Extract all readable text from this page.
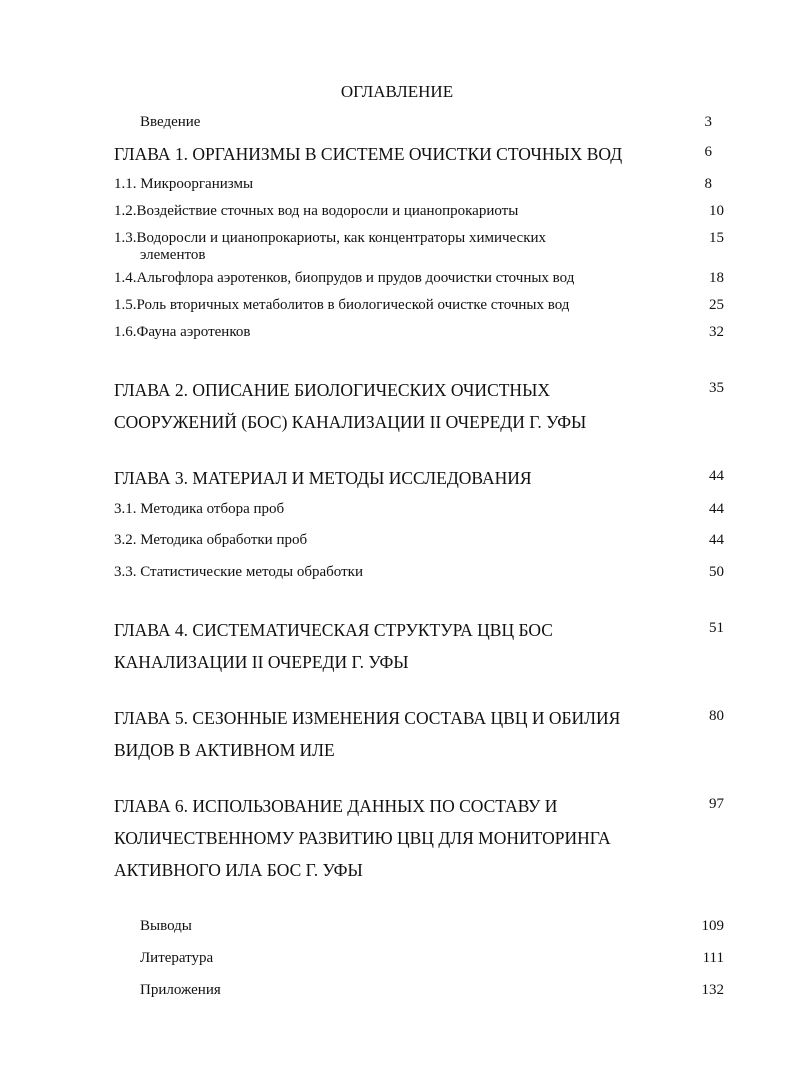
ОГЛАВЛЕНИЕ
Введение	3
ГЛАВА 1. ОРГАНИЗМЫ В СИСТЕМЕ ОЧИСТКИ СТОЧНЫХ ВОД	6
1.1. Микроорганизмы	8
1.2.Воздействие сточных вод на водоросли и цианопрокариоты	10
1.3.Водоросли и цианопрокариоты, как концентраторы химических	15
элементов
1.4.Альгофлора аэротенков, биопрудов и прудов доочистки сточных вод	18
1.5.Роль вторичных метаболитов в биологической очистке сточных вод	25
1.6.Фауна аэротенков	32
ГЛАВА 2. ОПИСАНИЕ БИОЛОГИЧЕСКИХ ОЧИСТНЫХ	35
СООРУЖЕНИЙ (БОС) КАНАЛИЗАЦИИ II ОЧЕРЕДИ Г. УФЫ
ГЛАВА 3. МАТЕРИАЛ И МЕТОДЫ ИССЛЕДОВАНИЯ	44
3.1. Методика отбора проб	44
3.2. Методика обработки проб	44
3.3. Статистические методы обработки	50
ГЛАВА 4. СИСТЕМАТИЧЕСКАЯ СТРУКТУРА ЦВЦ БОС	51
КАНАЛИЗАЦИИ II ОЧЕРЕДИ Г. УФЫ
ГЛАВА 5. СЕЗОННЫЕ ИЗМЕНЕНИЯ СОСТАВА ЦВЦ И ОБИЛИЯ	80
ВИДОВ В АКТИВНОМ ИЛЕ
ГЛАВА 6. ИСПОЛЬЗОВАНИЕ ДАННЫХ ПО СОСТАВУ И	97
КОЛИЧЕСТВЕННОМУ РАЗВИТИЮ ЦВЦ ДЛЯ МОНИТОРИНГА
АКТИВНОГО ИЛА БОС Г. УФЫ
Выводы	109
Литература	111
Приложения	132
